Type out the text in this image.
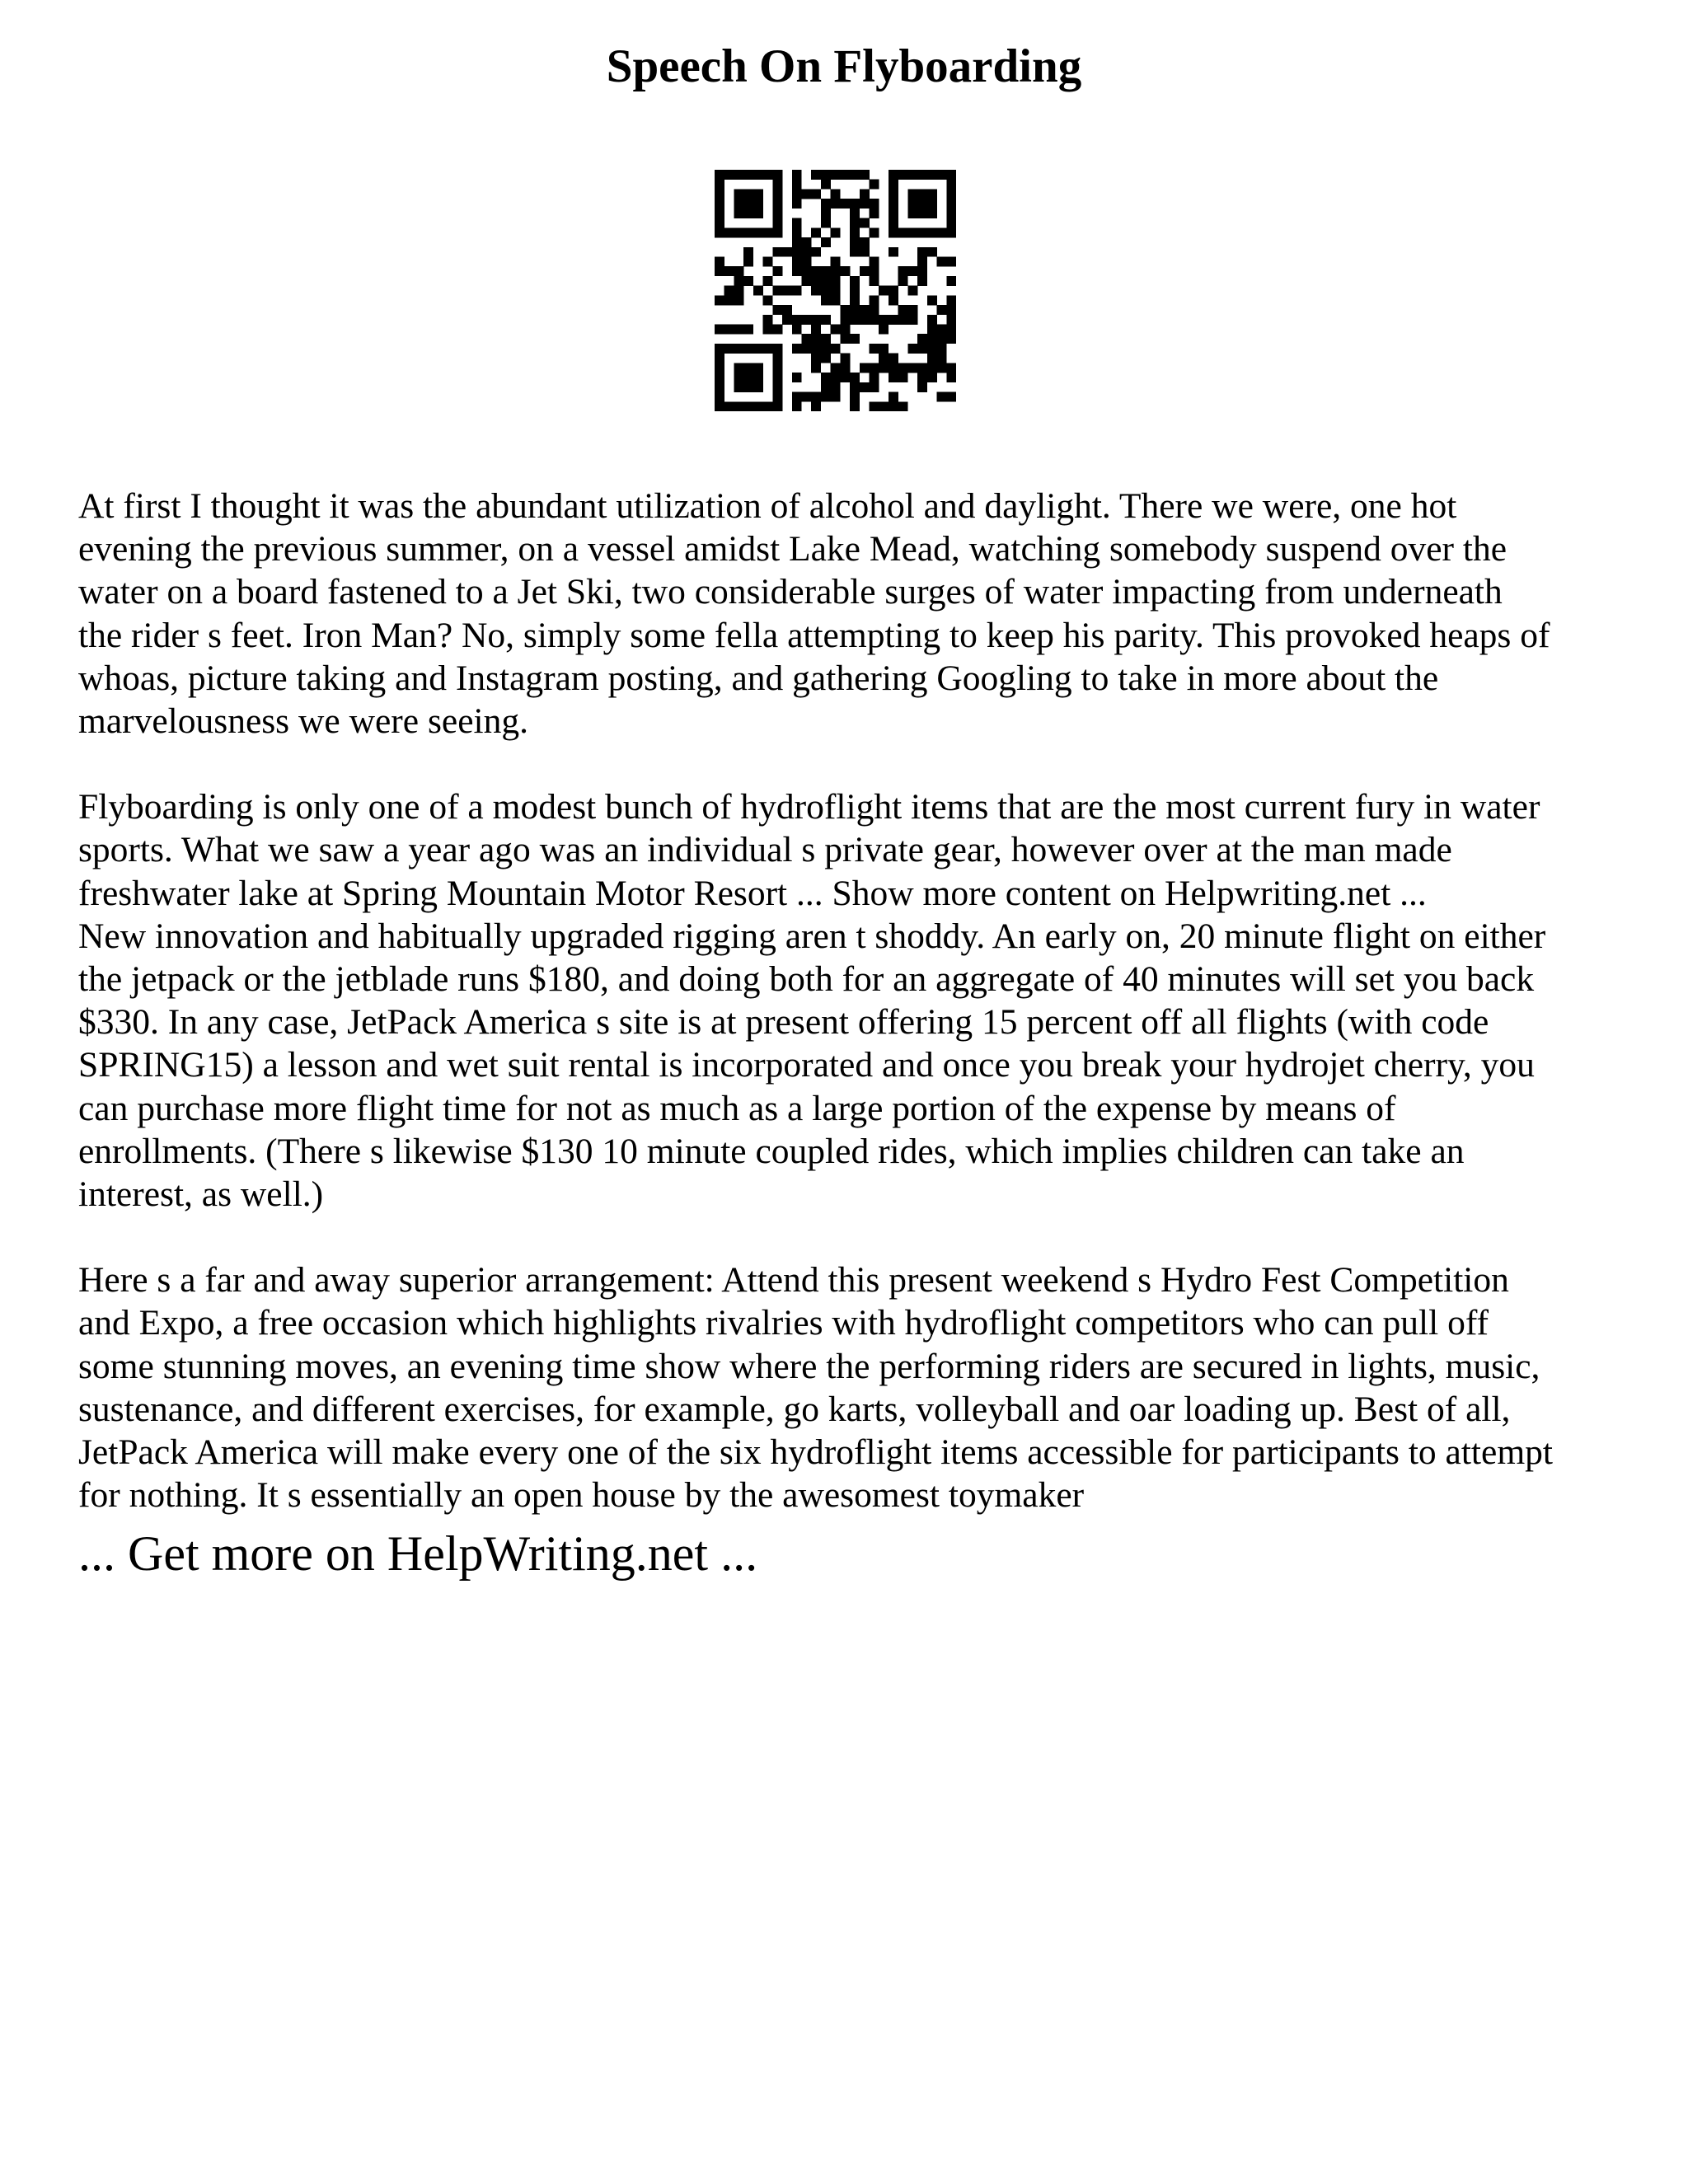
Speech On Flyboarding

At first I thought it was the abundant utilization of alcohol and daylight. There we were, one hot
evening the previous summer, on a vessel amidst Lake Mead, watching somebody suspend over the
water on a board fastened to a Jet Ski, two considerable surges of water impacting from underneath
the rider s feet. Iron Man? No, simply some fella attempting to keep his parity. This provoked heaps of
whoas, picture taking and Instagram posting, and gathering Googling to take in more about the
marvelousness we were seeing.

Flyboarding is only one of a modest bunch of hydroflight items that are the most current fury in water
sports. What we saw a year ago was an individual s private gear, however over at the man made
freshwater lake at Spring Mountain Motor Resort ... Show more content on Helpwriting.net ...
New innovation and habitually upgraded rigging aren t shoddy. An early on, 20 minute flight on either
the jetpack or the jetblade runs $180, and doing both for an aggregate of 40 minutes will set you back
$330. In any case, JetPack America s site is at present offering 15 percent off all flights (with code
SPRING15) a lesson and wet suit rental is incorporated and once you break your hydrojet cherry, you
can purchase more flight time for not as much as a large portion of the expense by means of
enrollments. (There s likewise $130 10 minute coupled rides, which implies children can take an
interest, as well.)

Here s a far and away superior arrangement: Attend this present weekend s Hydro Fest Competition
and Expo, a free occasion which highlights rivalries with hydroflight competitors who can pull off
some stunning moves, an evening time show where the performing riders are secured in lights, music,
sustenance, and different exercises, for example, go karts, volleyball and oar loading up. Best of all,
JetPack America will make every one of the six hydroflight items accessible for participants to attempt
for nothing. It s essentially an open house by the awesomest toymaker

... Get more on HelpWriting.net ...
